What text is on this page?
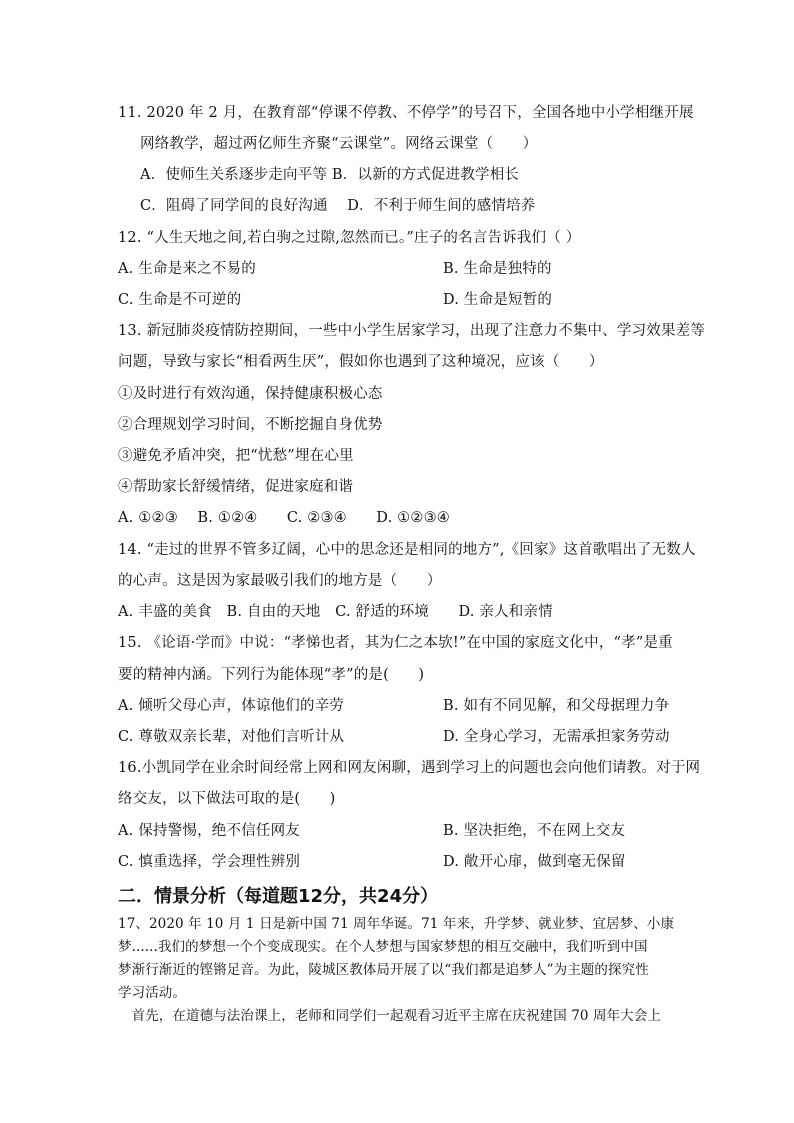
11. 2020 年 2 月，在教育部“停课不停教、不停学”的号召下，全国各地中小学相继开展
网络教学，超过两亿师生齐聚“云课堂”。网络云课堂（　　）
A．使师生关系逐步走向平等 B．以新的方式促进教学相长
C．阻碍了同学间的良好沟通　 D．不利于师生间的感情培养
12. “人生天地之间,若白驹之过隙,忽然而已。”庄子的名言告诉我们（ ）
A. 生命是来之不易的	B. 生命是独特的
C. 生命是不可逆的	D. 生命是短暂的
13. 新冠肺炎疫情防控期间，一些中小学生居家学习，出现了注意力不集中、学习效果差等
问题，导致与家长“相看两生厌”，假如你也遇到了这种境况，应该（　　）
①及时进行有效沟通，保持健康积极心态
②合理规划学习时间，不断挖掘自身优势
③避免矛盾冲突，把“忧愁”埋在心里
④帮助家长舒缓情绪，促进家庭和谐
A. ①②③　 B. ①②④　　C. ②③④　　D. ①②③④
14. “走过的世界不管多辽阔，心中的思念还是相同的地方”,《回家》这首歌唱出了无数人
的心声。这是因为家最吸引我们的地方是（　　）
A. 丰盛的美食　B. 自由的天地　C. 舒适的环境　　D. 亲人和亲情
15. 《论语·学而》中说：“孝悌也者，其为仁之本欤!”在中国的家庭文化中，“孝”是重
要的精神内涵。下列行为能体现“孝”的是(　　)
A. 倾听父母心声，体谅他们的辛劳	B. 如有不同见解，和父母据理力争
C. 尊敬双亲长辈，对他们言听计从	D. 全身心学习，无需承担家务劳动
16.小凯同学在业余时间经常上网和网友闲聊，遇到学习上的问题也会向他们请教。对于网
络交友，以下做法可取的是(　　)
A. 保持警惕，绝不信任网友	B. 坚决拒绝，不在网上交友
C. 慎重选择，学会理性辨别	D. 敞开心扉，做到毫无保留
二．情景分析（每道题12分，共24分）
17、2020 年 10 月 1 日是新中国 71 周年华诞。71 年来，升学梦、就业梦、宜居梦、小康
梦......我们的梦想一个个变成现实。在个人梦想与国家梦想的相互交融中，我们听到中国
梦渐行渐近的铿锵足音。为此，陵城区教体局开展了以“我们都是追梦人”为主题的探究性
学习活动。
　首先，在道德与法治课上，老师和同学们一起观看习近平主席在庆祝建国 70 周年大会上
